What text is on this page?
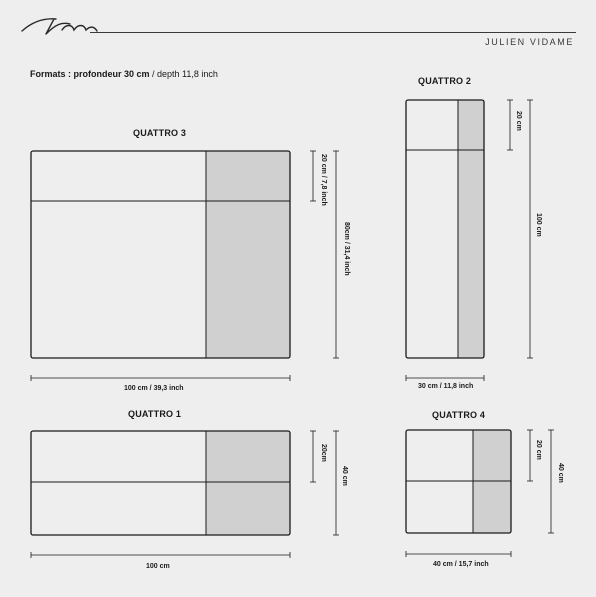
JULIEN VIDAME
Formats : profondeur 30 cm / depth 11,8 inch
QUATTRO 3
QUATTRO 2
QUATTRO 1	QUATTRO 4
100 cm / 39,3 inch
20 cm / 7,8 inch
80cm / 31,4 inch
30 cm / 11,8 inch
20 cm
100 cm
100 cm
20cm
40 cm
40 cm / 15,7 inch
20 cm
40 cm
